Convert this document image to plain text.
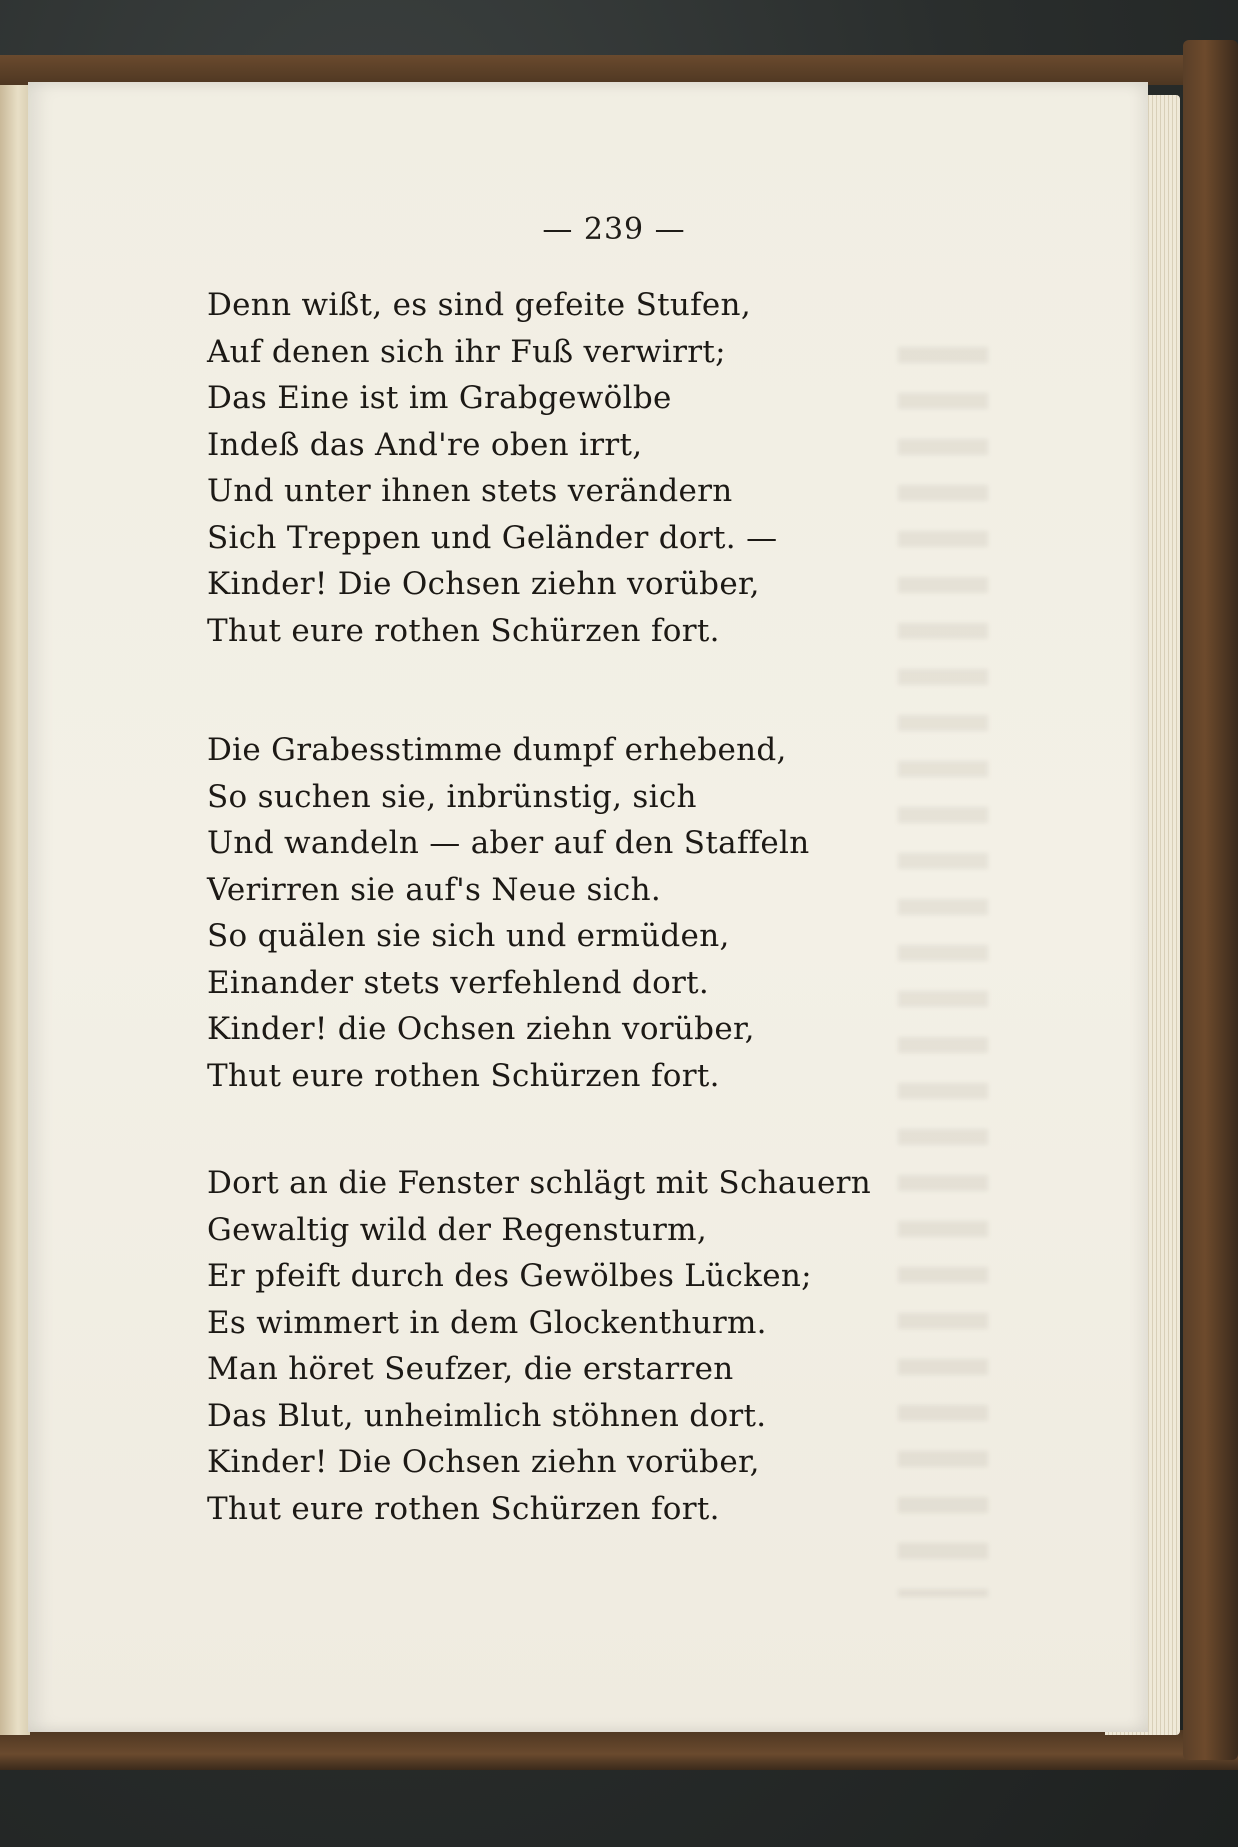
— 239 —
Denn wißt, es sind gefeite Stufen,
Auf denen sich ihr Fuß verwirrt;
Das Eine ist im Grabgewölbe
Indeß das And're oben irrt,
Und unter ihnen stets verändern
Sich Treppen und Geländer dort. —
Kinder! Die Ochsen ziehn vorüber,
Thut eure rothen Schürzen fort.
Die Grabesstimme dumpf erhebend,
So suchen sie, inbrünstig, sich
Und wandeln — aber auf den Staffeln
Verirren sie auf's Neue sich.
So quälen sie sich und ermüden,
Einander stets verfehlend dort.
Kinder! die Ochsen ziehn vorüber,
Thut eure rothen Schürzen fort.
Dort an die Fenster schlägt mit Schauern
Gewaltig wild der Regensturm,
Er pfeift durch des Gewölbes Lücken;
Es wimmert in dem Glockenthurm.
Man höret Seufzer, die erstarren
Das Blut, unheimlich stöhnen dort.
Kinder! Die Ochsen ziehn vorüber,
Thut eure rothen Schürzen fort.
